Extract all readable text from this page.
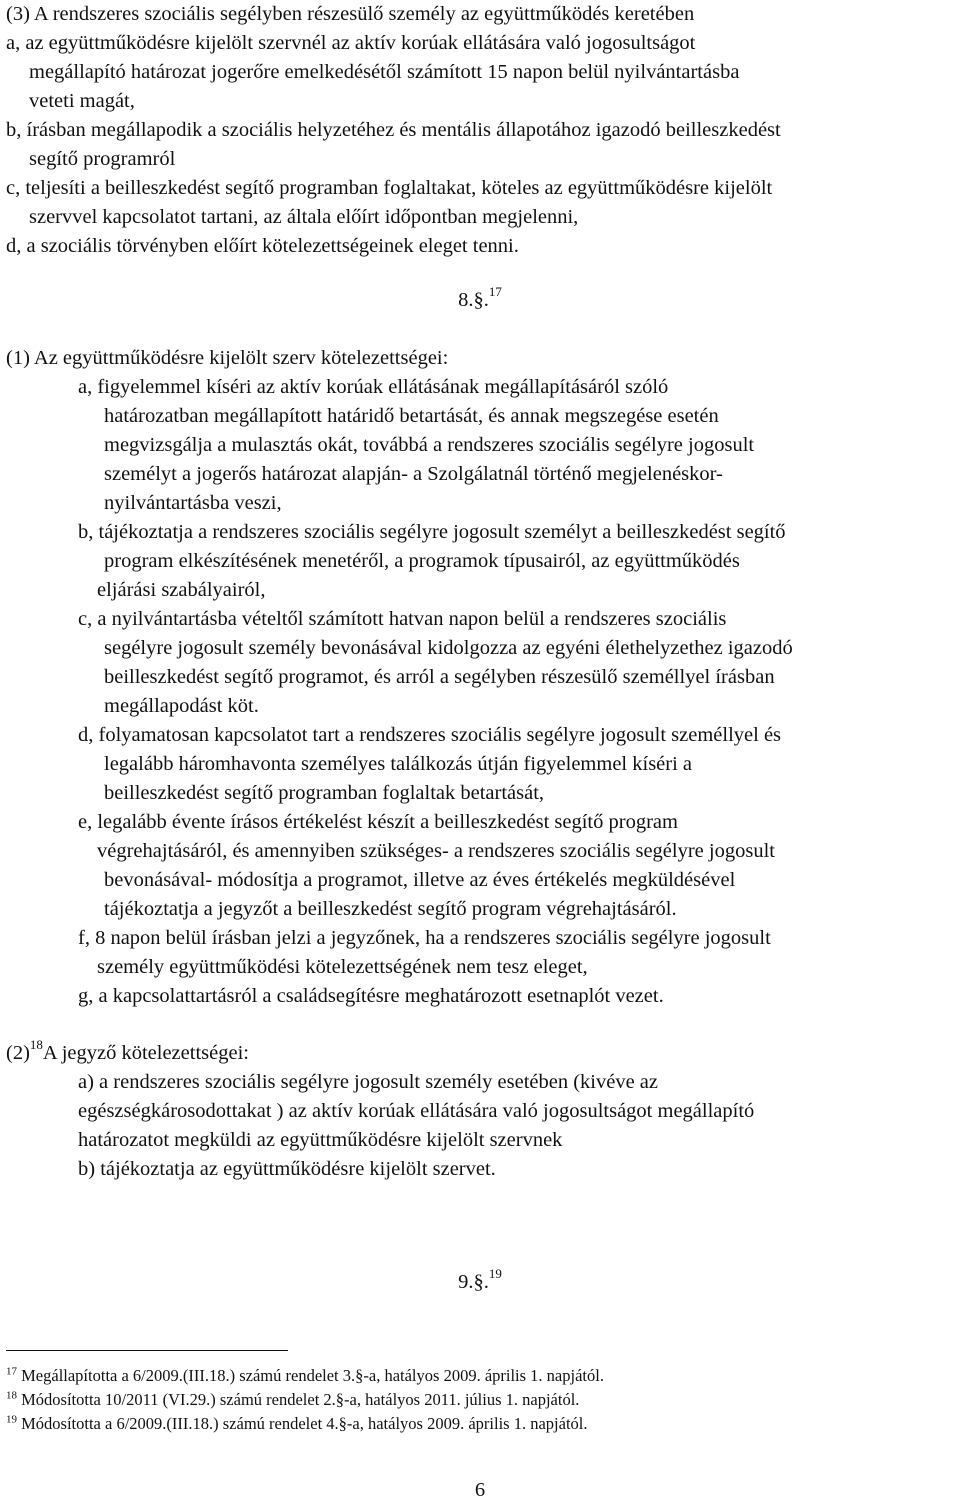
(3) A rendszeres szociális segélyben részesülő személy az együttműködés keretében
a, az együttműködésre kijelölt szervnél az aktív korúak ellátására való jogosultságot
megállapító határozat jogerőre emelkedésétől számított 15 napon belül nyilvántartásba
veteti magát,
b, írásban megállapodik a szociális helyzetéhez és mentális állapotához igazodó beilleszkedést
segítő programról
c, teljesíti a beilleszkedést segítő programban foglaltakat, köteles az együttműködésre kijelölt
szervvel kapcsolatot tartani, az általa előírt időpontban megjelenni,
d, a szociális törvényben előírt kötelezettségeinek eleget tenni.
8.§.$^{17}$
(1) Az együttműködésre kijelölt szerv kötelezettségei:
a, figyelemmel kíséri az aktív korúak ellátásának megállapításáról szóló
határozatban megállapított határidő betartását, és annak megszegése esetén
megvizsgálja a mulasztás okát, továbbá a rendszeres szociális segélyre jogosult
személyt a jogerős határozat alapján- a Szolgálatnál történő megjelenéskor-
nyilvántartásba veszi,
b, tájékoztatja a rendszeres szociális segélyre jogosult személyt a beilleszkedést segítő
program elkészítésének menetéről, a programok típusairól, az együttműködés
eljárási szabályairól,
c, a nyilvántartásba vételtől számított hatvan napon belül a rendszeres szociális
segélyre jogosult személy bevonásával kidolgozza az egyéni élethelyzethez igazodó
beilleszkedést segítő programot, és arról a segélyben részesülő személlyel írásban
megállapodást köt.
d, folyamatosan kapcsolatot tart a rendszeres szociális segélyre jogosult személlyel és
legalább háromhavonta személyes találkozás útján figyelemmel kíséri a
beilleszkedést segítő programban foglaltak betartását,
e, legalább évente írásos értékelést készít a beilleszkedést segítő program
végrehajtásáról, és amennyiben szükséges- a rendszeres szociális segélyre jogosult
bevonásával- módosítja a programot, illetve az éves értékelés megküldésével
tájékoztatja a jegyzőt a beilleszkedést segítő program végrehajtásáról.
f, 8 napon belül írásban jelzi a jegyzőnek, ha a rendszeres szociális segélyre jogosult
személy együttműködési kötelezettségének nem tesz eleget,
g, a kapcsolattartásról a családsegítésre meghatározott esetnaplót vezet.
(2)$^{18}$A jegyző kötelezettségei:
a) a rendszeres szociális segélyre jogosult személy esetében (kivéve az
egészségkárosodottakat ) az aktív korúak ellátására való jogosultságot megállapító
határozatot megküldi az együttműködésre kijelölt szervnek
b) tájékoztatja az együttműködésre kijelölt szervet.
9.§.$^{19}$
$^{17}$ Megállapította a 6/2009.(III.18.) számú rendelet 3.§-a, hatályos 2009. április 1. napjától.
$^{18}$ Módosította 10/2011 (VI.29.) számú rendelet 2.§-a, hatályos 2011. július 1. napjától.
$^{19}$ Módosította a 6/2009.(III.18.) számú rendelet 4.§-a, hatályos 2009. április 1. napjától.
6
